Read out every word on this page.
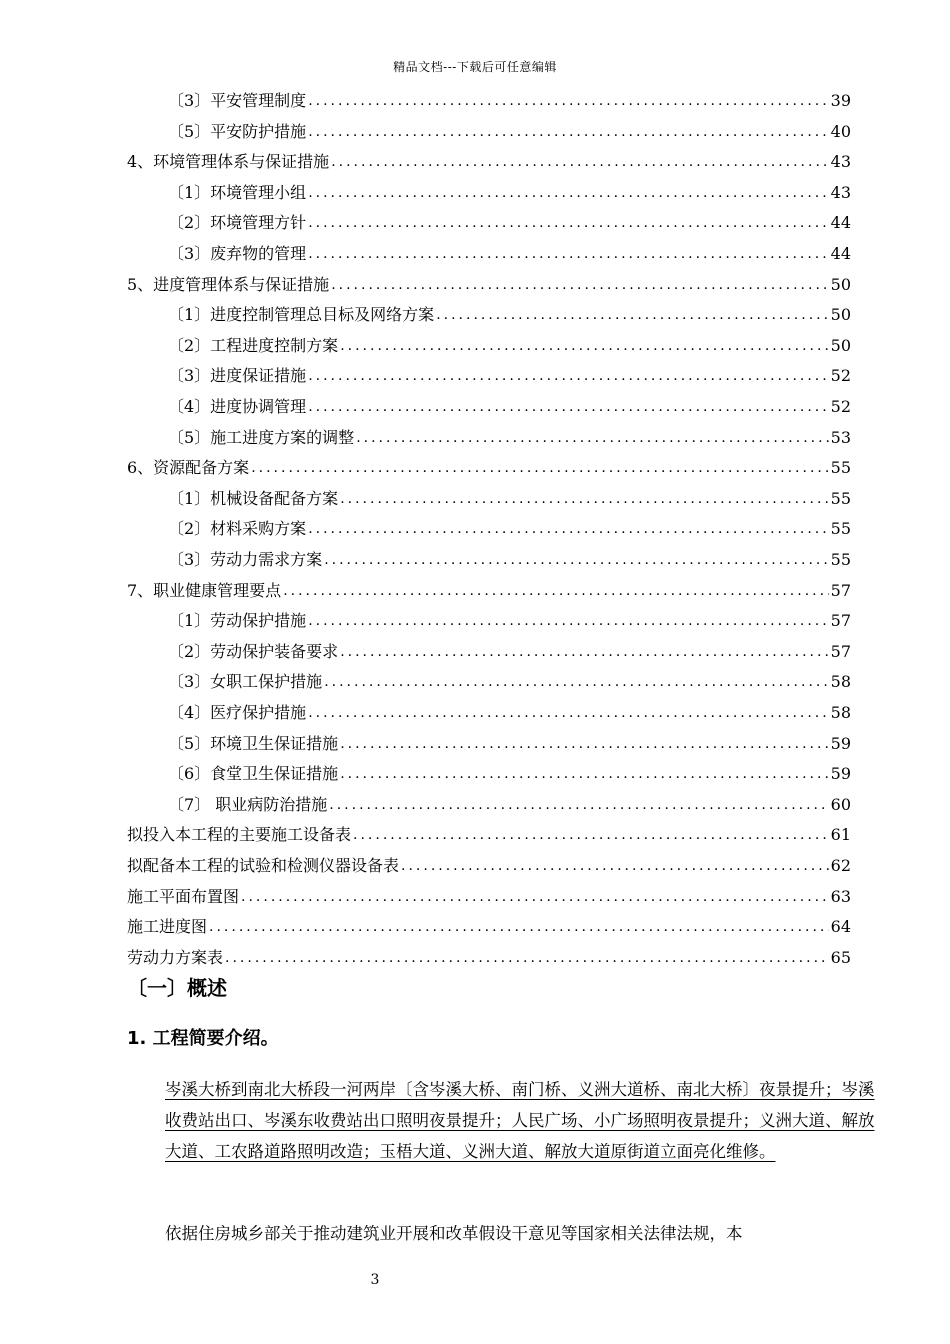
精品文档---下载后可任意编辑
〔3〕平安管理制度 .....	39
〔5〕平安防护措施 .....	40
4、环境管理体系与保证措施 .....	43
〔1〕环境管理小组 .....	43
〔2〕环境管理方针 .....	44
〔3〕废弃物的管理 .....	44
5、进度管理体系与保证措施 .....	50
〔1〕进度控制管理总目标及网络方案 .....	50
〔2〕工程进度控制方案 .....	50
〔3〕进度保证措施 .....	52
〔4〕进度协调管理 .....	52
〔5〕施工进度方案的调整 .....	53
6、资源配备方案 .....	55
〔1〕机械设备配备方案 .....	55
〔2〕材料采购方案 .....	55
〔3〕劳动力需求方案 .....	55
7、职业健康管理要点 .....	57
〔1〕劳动保护措施 .....	57
〔2〕劳动保护装备要求 .....	57
〔3〕女职工保护措施 .....	58
〔4〕医疗保护措施 .....	58
〔5〕环境卫生保证措施 .....	59
〔6〕食堂卫生保证措施 .....	59
〔7〕 职业病防治措施 .....	60
拟投入本工程的主要施工设备表 .....	61
拟配备本工程的试验和检测仪器设备表 .....	62
施工平面布置图 .....	63
施工进度图 .....	64
劳动力方案表 .....	65
〔一〕概述
1. 工程简要介绍。
岑溪大桥到南北大桥段一河两岸〔含岑溪大桥、南门桥、义洲大道桥、南北大桥〕夜景提升；岑溪收费站出口、岑溪东收费站出口照明夜景提升；人民广场、小广场照明夜景提升；义洲大道、解放大道、工农路道路照明改造；玉梧大道、义洲大道、解放大道原街道立面亮化维修。
依据住房城乡部关于推动建筑业开展和改革假设干意见等国家相关法律法规，本
3
